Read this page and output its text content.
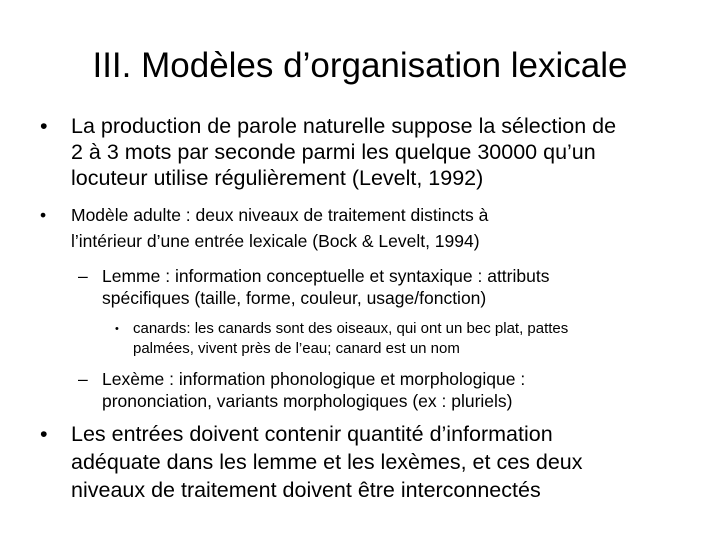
III. Modèles d’organisation lexicale
• La production de parole naturelle suppose la sélection de
2 à 3 mots par seconde parmi les quelque 30000 qu’un
locuteur utilise régulièrement (Levelt, 1992)
• Modèle adulte : deux niveaux de traitement distincts à
l’intérieur d’une entrée lexicale (Bock & Levelt, 1994)
– Lemme : information conceptuelle et syntaxique : attributs
spécifiques (taille, forme, couleur, usage/fonction)
• canards: les canards sont des oiseaux, qui ont un bec plat, pattes
palmées, vivent près de l’eau; canard est un nom
– Lexème : information phonologique et morphologique :
prononciation, variants morphologiques (ex : pluriels)
• Les entrées doivent contenir quantité d’information
adéquate dans les lemme et les lexèmes, et ces deux
niveaux de traitement doivent être interconnectés
